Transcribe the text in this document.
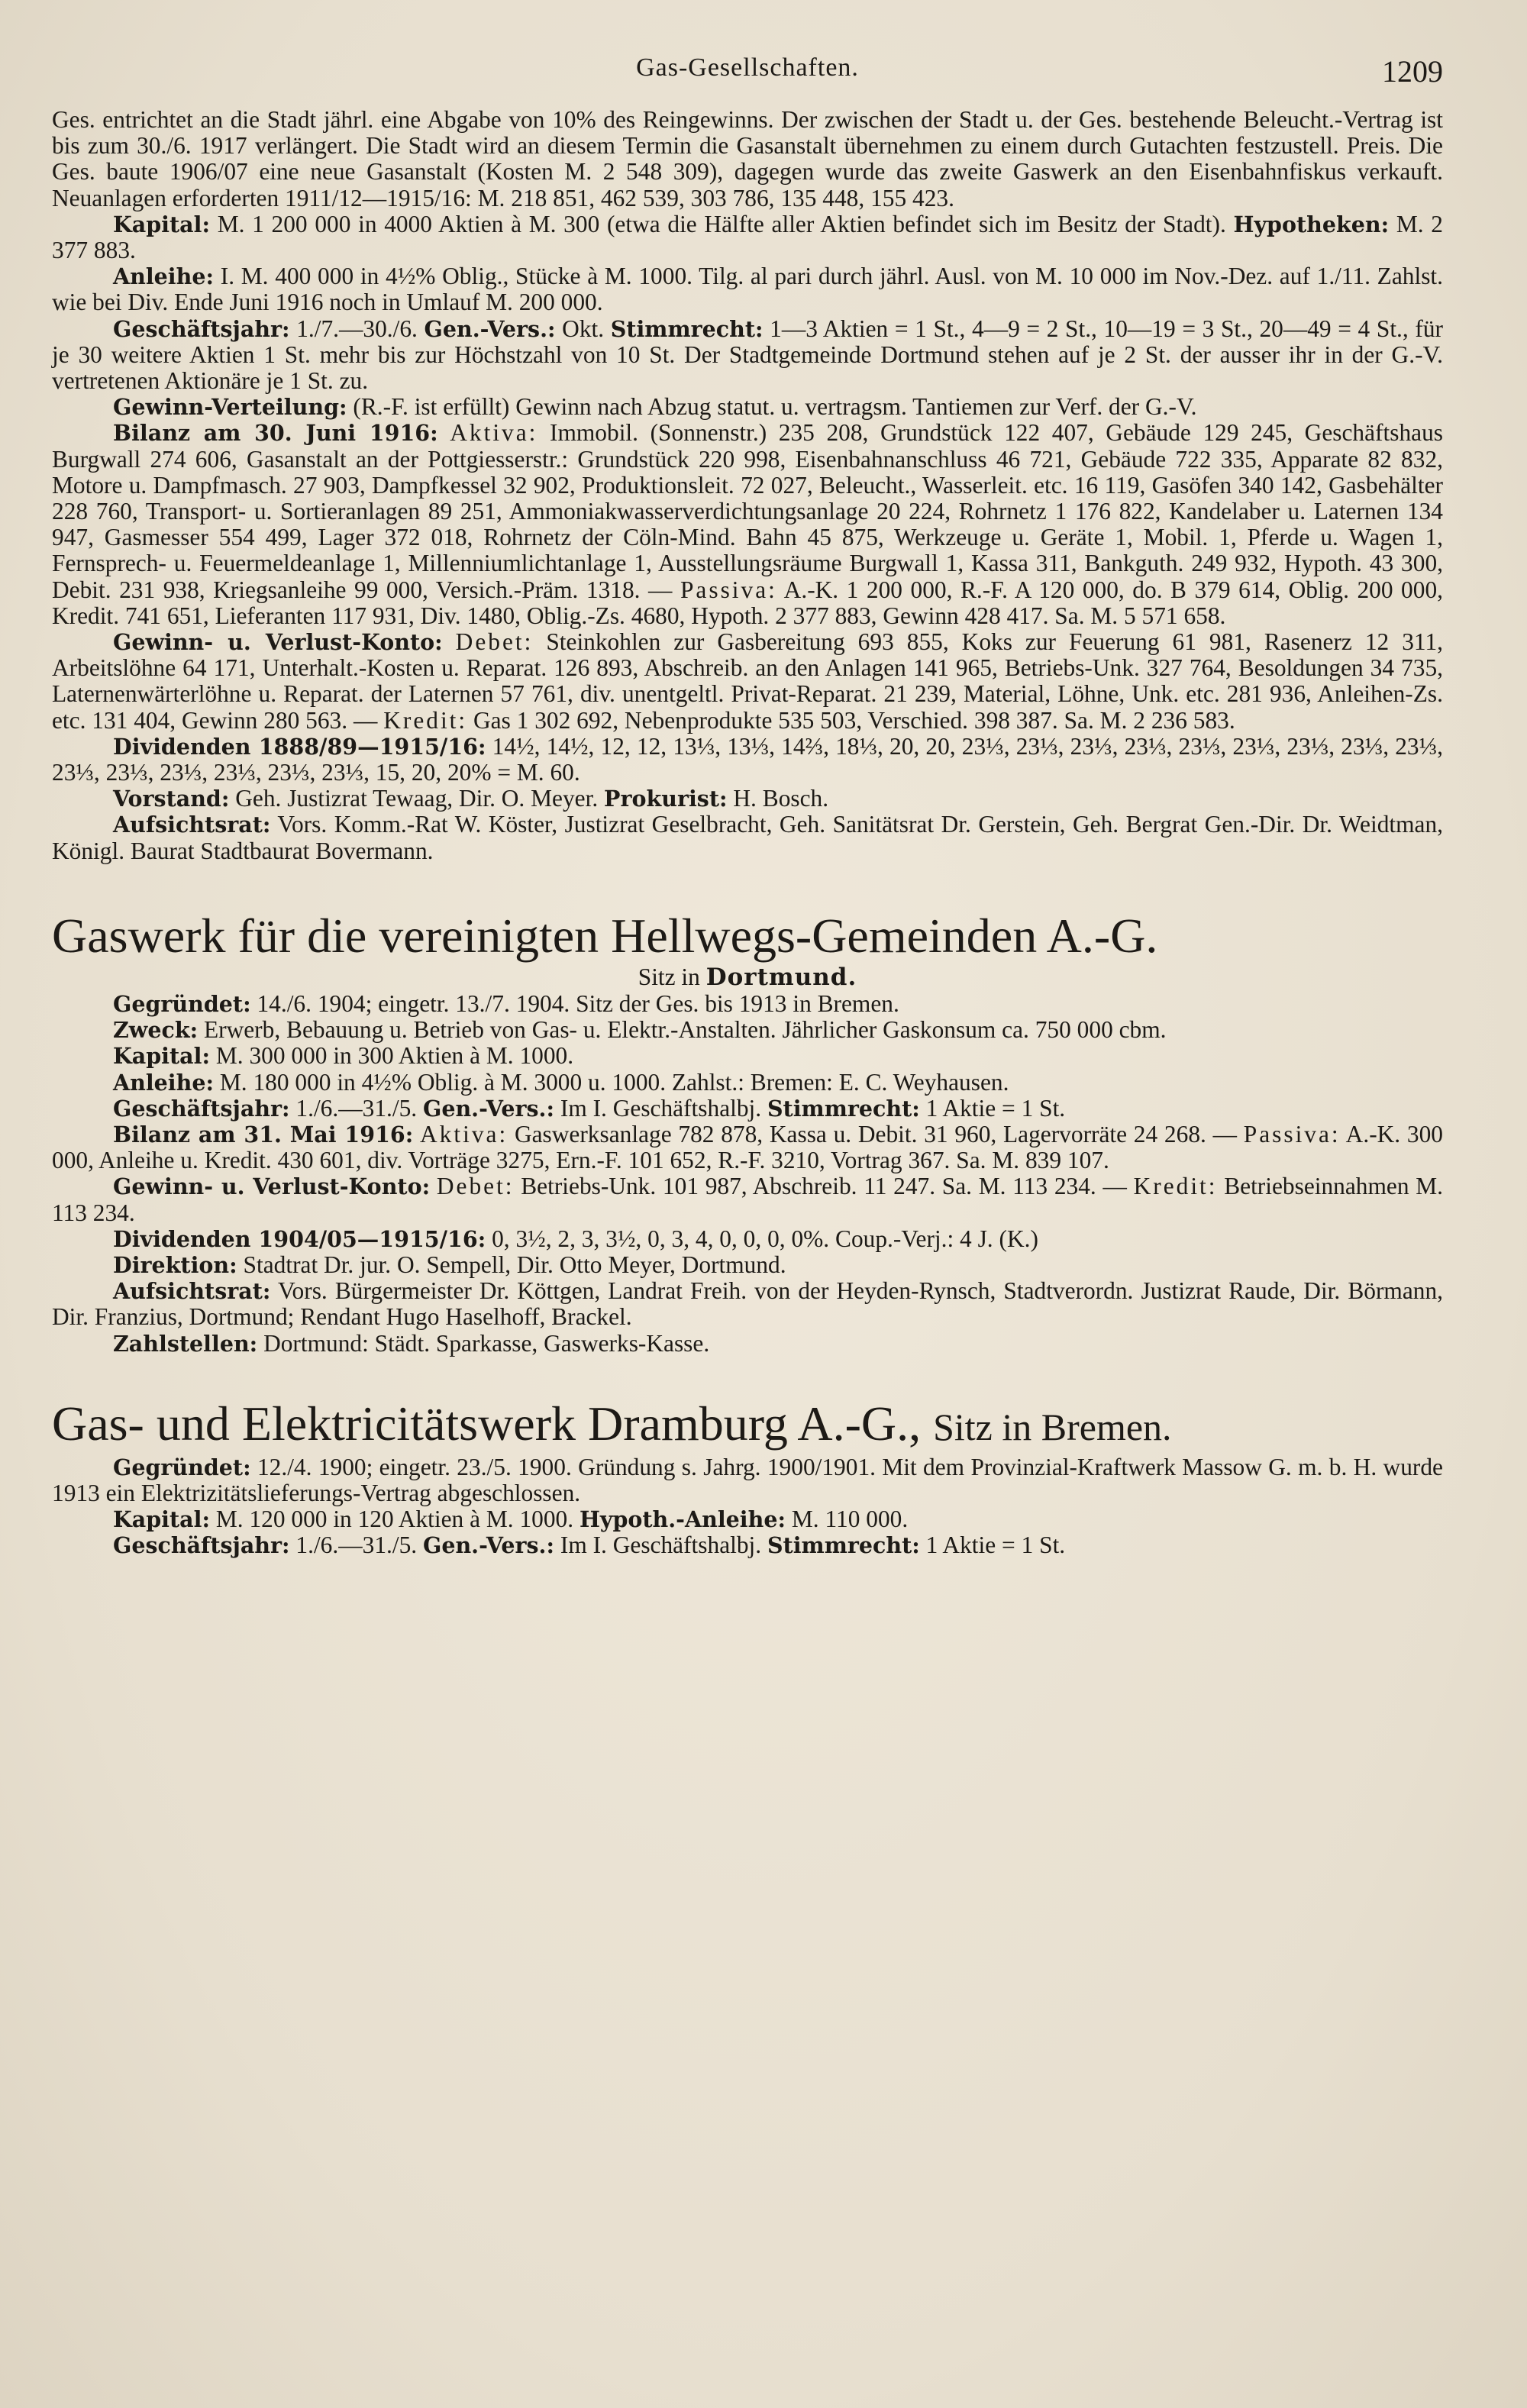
Gas-Gesellschaften.	1209

Ges. entrichtet an die Stadt jährl. eine Abgabe von 10% des Reingewinns. Der zwischen der Stadt u. der Ges. bestehende Beleucht.-Vertrag ist bis zum 30./6. 1917 verlängert. Die Stadt wird an diesem Termin die Gasanstalt übernehmen zu einem durch Gutachten festzustell. Preis. Die Ges. baute 1906/07 eine neue Gasanstalt (Kosten M. 2 548 309), dagegen wurde das zweite Gaswerk an den Eisenbahnfiskus verkauft. Neuanlagen erforderten 1911/12—1915/16: M. 218 851, 462 539, 303 786, 135 448, 155 423.

Kapital: M. 1 200 000 in 4000 Aktien à M. 300 (etwa die Hälfte aller Aktien befindet sich im Besitz der Stadt). Hypotheken: M. 2 377 883.

Anleihe: I. M. 400 000 in 4½% Oblig., Stücke à M. 1000. Tilg. al pari durch jährl. Ausl. von M. 10 000 im Nov.-Dez. auf 1./11. Zahlst. wie bei Div. Ende Juni 1916 noch in Umlauf M. 200 000.

Geschäftsjahr: 1./7.—30./6. Gen.-Vers.: Okt. Stimmrecht: 1—3 Aktien = 1 St., 4—9 = 2 St., 10—19 = 3 St., 20—49 = 4 St., für je 30 weitere Aktien 1 St. mehr bis zur Höchstzahl von 10 St. Der Stadtgemeinde Dortmund stehen auf je 2 St. der ausser ihr in der G.-V. vertretenen Aktionäre je 1 St. zu.

Gewinn-Verteilung: (R.-F. ist erfüllt) Gewinn nach Abzug statut. u. vertragsm. Tantiemen zur Verf. der G.-V.

Bilanz am 30. Juni 1916: Aktiva: Immobil. (Sonnenstr.) 235 208, Grundstück 122 407, Gebäude 129 245, Geschäftshaus Burgwall 274 606, Gasanstalt an der Pottgiesserstr.: Grundstück 220 998, Eisenbahnanschluss 46 721, Gebäude 722 335, Apparate 82 832, Motore u. Dampfmasch. 27 903, Dampfkessel 32 902, Produktionsleit. 72 027, Beleucht., Wasserleit. etc. 16 119, Gasöfen 340 142, Gasbehälter 228 760, Transport- u. Sortieranlagen 89 251, Ammoniakwasserverdichtungsanlage 20 224, Rohrnetz 1 176 822, Kandelaber u. Laternen 134 947, Gasmesser 554 499, Lager 372 018, Rohrnetz der Cöln-Mind. Bahn 45 875, Werkzeuge u. Geräte 1, Mobil. 1, Pferde u. Wagen 1, Fernsprech- u. Feuermeldeanlage 1, Millenniumlichtanlage 1, Ausstellungsräume Burgwall 1, Kassa 311, Bankguth. 249 932, Hypoth. 43 300, Debit. 231 938, Kriegsanleihe 99 000, Versich.-Präm. 1318. — Passiva: A.-K. 1 200 000, R.-F. A 120 000, do. B 379 614, Oblig. 200 000, Kredit. 741 651, Lieferanten 117 931, Div. 1480, Oblig.-Zs. 4680, Hypoth. 2 377 883, Gewinn 428 417. Sa. M. 5 571 658.

Gewinn- u. Verlust-Konto: Debet: Steinkohlen zur Gasbereitung 693 855, Koks zur Feuerung 61 981, Rasenerz 12 311, Arbeitslöhne 64 171, Unterhalt.-Kosten u. Reparat. 126 893, Abschreib. an den Anlagen 141 965, Betriebs-Unk. 327 764, Besoldungen 34 735, Laternenwärterlöhne u. Reparat. der Laternen 57 761, div. unentgeltl. Privat-Reparat. 21 239, Material, Löhne, Unk. etc. 281 936, Anleihen-Zs. etc. 131 404, Gewinn 280 563. — Kredit: Gas 1 302 692, Nebenprodukte 535 503, Verschied. 398 387. Sa. M. 2 236 583.

Dividenden 1888/89—1915/16: 14½, 14½, 12, 12, 13⅓, 13⅓, 14⅔, 18⅓, 20, 20, 23⅓, 23⅓, 23⅓, 23⅓, 23⅓, 23⅓, 23⅓, 23⅓, 23⅓, 23⅓, 23⅓, 23⅓, 23⅓, 23⅓, 23⅓, 15, 20, 20% = M. 60.

Vorstand: Geh. Justizrat Tewaag, Dir. O. Meyer. Prokurist: H. Bosch.

Aufsichtsrat: Vors. Komm.-Rat W. Köster, Justizrat Geselbracht, Geh. Sanitätsrat Dr. Gerstein, Geh. Bergrat Gen.-Dir. Dr. Weidtman, Königl. Baurat Stadtbaurat Bovermann.

Gaswerk für die vereinigten Hellwegs-Gemeinden A.-G.
Sitz in Dortmund.

Gegründet: 14./6. 1904; eingetr. 13./7. 1904. Sitz der Ges. bis 1913 in Bremen.

Zweck: Erwerb, Bebauung u. Betrieb von Gas- u. Elektr.-Anstalten. Jährlicher Gaskonsum ca. 750 000 cbm.

Kapital: M. 300 000 in 300 Aktien à M. 1000.

Anleihe: M. 180 000 in 4½% Oblig. à M. 3000 u. 1000. Zahlst.: Bremen: E. C. Weyhausen.

Geschäftsjahr: 1./6.—31./5. Gen.-Vers.: Im I. Geschäftshalbj. Stimmrecht: 1 Aktie = 1 St.

Bilanz am 31. Mai 1916: Aktiva: Gaswerksanlage 782 878, Kassa u. Debit. 31 960, Lagervorräte 24 268. — Passiva: A.-K. 300 000, Anleihe u. Kredit. 430 601, div. Vorträge 3275, Ern.-F. 101 652, R.-F. 3210, Vortrag 367. Sa. M. 839 107.

Gewinn- u. Verlust-Konto: Debet: Betriebs-Unk. 101 987, Abschreib. 11 247. Sa. M. 113 234. — Kredit: Betriebseinnahmen M. 113 234.

Dividenden 1904/05—1915/16: 0, 3½, 2, 3, 3½, 0, 3, 4, 0, 0, 0, 0%. Coup.-Verj.: 4 J. (K.)

Direktion: Stadtrat Dr. jur. O. Sempell, Dir. Otto Meyer, Dortmund.

Aufsichtsrat: Vors. Bürgermeister Dr. Köttgen, Landrat Freih. von der Heyden-Rynsch, Stadtverordn. Justizrat Raude, Dir. Börmann, Dir. Franzius, Dortmund; Rendant Hugo Haselhoff, Brackel.

Zahlstellen: Dortmund: Städt. Sparkasse, Gaswerks-Kasse.

Gas- und Elektricitätswerk Dramburg A.-G., Sitz in Bremen.

Gegründet: 12./4. 1900; eingetr. 23./5. 1900. Gründung s. Jahrg. 1900/1901. Mit dem Provinzial-Kraftwerk Massow G. m. b. H. wurde 1913 ein Elektrizitätslieferungs-Vertrag abgeschlossen.

Kapital: M. 120 000 in 120 Aktien à M. 1000. Hypoth.-Anleihe: M. 110 000.

Geschäftsjahr: 1./6.—31./5. Gen.-Vers.: Im I. Geschäftshalbj. Stimmrecht: 1 Aktie = 1 St.
